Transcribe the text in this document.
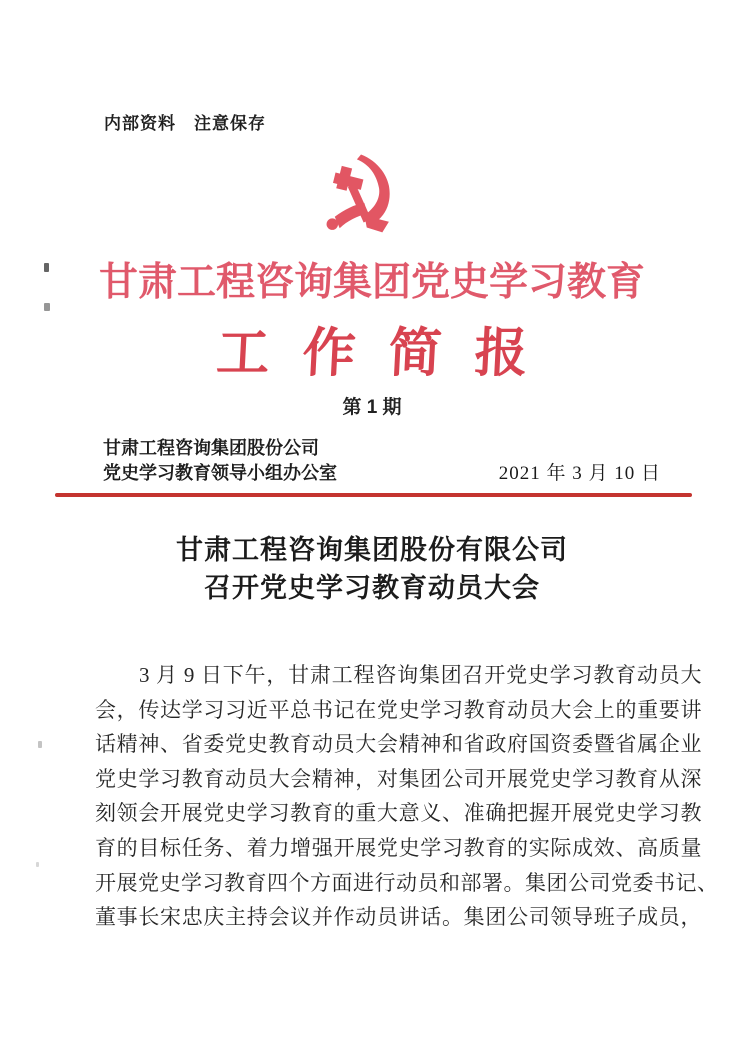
内部资料　注意保存
甘肃工程咨询集团党史学习教育
工作简报
第 1 期
甘肃工程咨询集团股份公司
党史学习教育领导小组办公室	2021 年 3 月 10 日
甘肃工程咨询集团股份有限公司
召开党史学习教育动员大会
3 月 9 日下午，甘肃工程咨询集团召开党史学习教育动员大
会，传达学习习近平总书记在党史学习教育动员大会上的重要讲
话精神、省委党史教育动员大会精神和省政府国资委暨省属企业
党史学习教育动员大会精神，对集团公司开展党史学习教育从深
刻领会开展党史学习教育的重大意义、准确把握开展党史学习教
育的目标任务、着力增强开展党史学习教育的实际成效、高质量
开展党史学习教育四个方面进行动员和部署。集团公司党委书记、
董事长宋忠庆主持会议并作动员讲话。集团公司领导班子成员，
